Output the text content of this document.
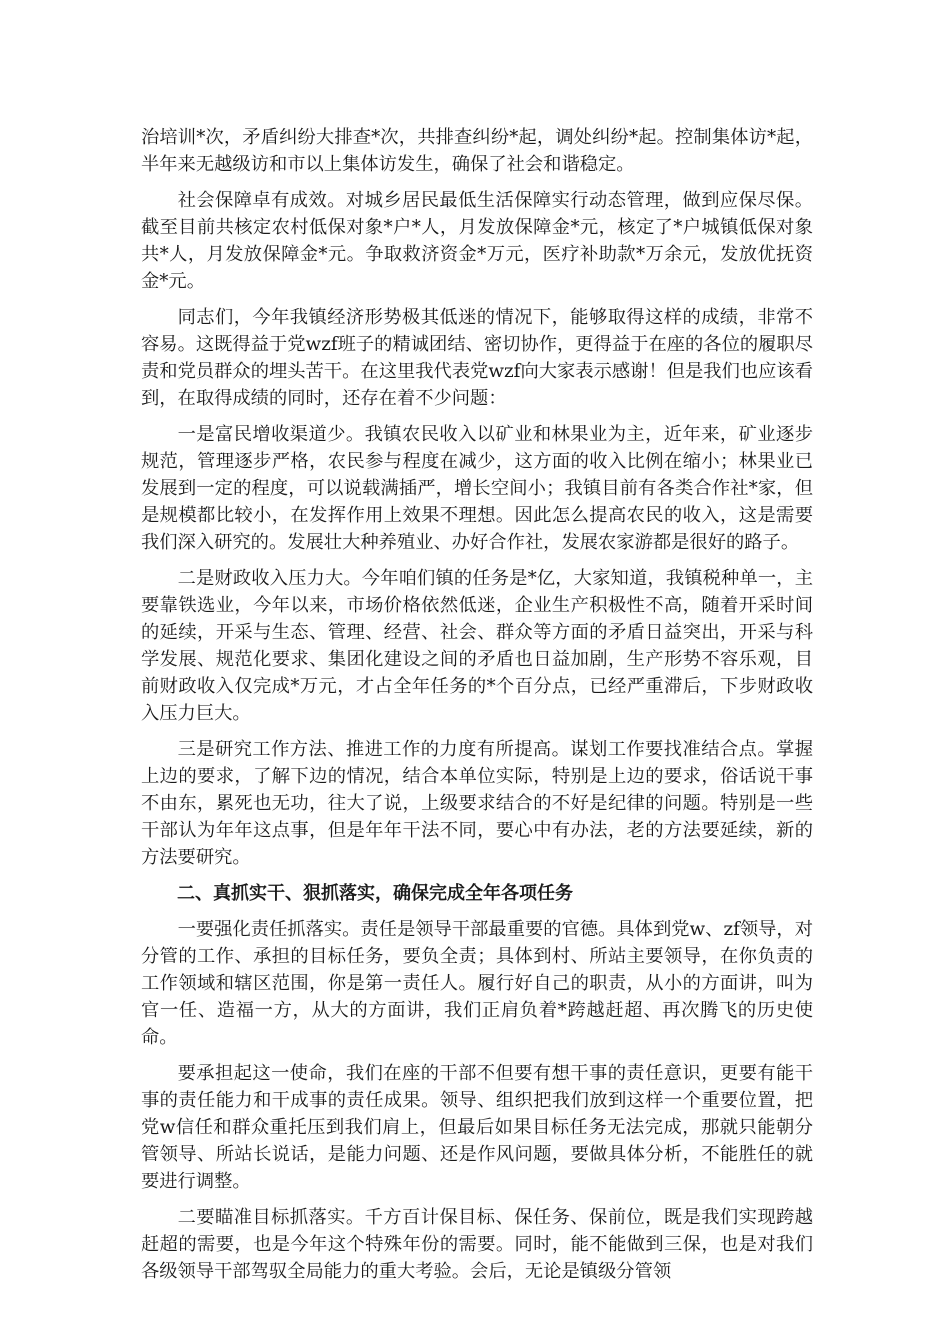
治培训*次，矛盾纠纷大排查*次，共排查纠纷*起，调处纠纷*起。控制集体访*起，半年来无越级访和市以上集体访发生，确保了社会和谐稳定。

社会保障卓有成效。对城乡居民最低生活保障实行动态管理，做到应保尽保。截至目前共核定农村低保对象*户*人，月发放保障金*元，核定了*户城镇低保对象共*人，月发放保障金*元。争取救济资金*万元，医疗补助款*万余元，发放优抚资金*元。

同志们，今年我镇经济形势极其低迷的情况下，能够取得这样的成绩，非常不容易。这既得益于党wzf班子的精诚团结、密切协作，更得益于在座的各位的履职尽责和党员群众的埋头苦干。在这里我代表党wzf向大家表示感谢！但是我们也应该看到，在取得成绩的同时，还存在着不少问题：

一是富民增收渠道少。我镇农民收入以矿业和林果业为主，近年来，矿业逐步规范，管理逐步严格，农民参与程度在减少，这方面的收入比例在缩小；林果业已发展到一定的程度，可以说载满插严，增长空间小；我镇目前有各类合作社*家，但是规模都比较小，在发挥作用上效果不理想。因此怎么提高农民的收入，这是需要我们深入研究的。发展壮大种养殖业、办好合作社，发展农家游都是很好的路子。

二是财政收入压力大。今年咱们镇的任务是*亿，大家知道，我镇税种单一，主要靠铁选业，今年以来，市场价格依然低迷，企业生产积极性不高，随着开采时间的延续，开采与生态、管理、经营、社会、群众等方面的矛盾日益突出，开采与科学发展、规范化要求、集团化建设之间的矛盾也日益加剧，生产形势不容乐观，目前财政收入仅完成*万元，才占全年任务的*个百分点，已经严重滞后，下步财政收入压力巨大。

三是研究工作方法、推进工作的力度有所提高。谋划工作要找准结合点。掌握上边的要求，了解下边的情况，结合本单位实际，特别是上边的要求，俗话说干事不由东，累死也无功，往大了说，上级要求结合的不好是纪律的问题。特别是一些干部认为年年这点事，但是年年干法不同，要心中有办法，老的方法要延续，新的方法要研究。

二、真抓实干、狠抓落实，确保完成全年各项任务

一要强化责任抓落实。责任是领导干部最重要的官德。具体到党w、zf领导，对分管的工作、承担的目标任务，要负全责；具体到村、所站主要领导，在你负责的工作领域和辖区范围，你是第一责任人。履行好自己的职责，从小的方面讲，叫为官一任、造福一方，从大的方面讲，我们正肩负着*跨越赶超、再次腾飞的历史使命。

要承担起这一使命，我们在座的干部不但要有想干事的责任意识，更要有能干事的责任能力和干成事的责任成果。领导、组织把我们放到这样一个重要位置，把党w信任和群众重托压到我们肩上，但最后如果目标任务无法完成，那就只能朝分管领导、所站长说话，是能力问题、还是作风问题，要做具体分析，不能胜任的就要进行调整。

二要瞄准目标抓落实。千方百计保目标、保任务、保前位，既是我们实现跨越赶超的需要，也是今年这个特殊年份的需要。同时，能不能做到三保，也是对我们各级领导干部驾驭全局能力的重大考验。会后，无论是镇级分管领
